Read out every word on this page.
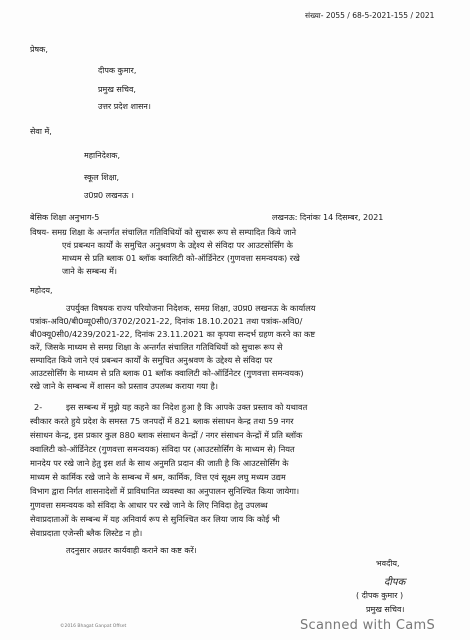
संख्या- 2055 / 68-5-2021-155 / 2021
प्रेषक,
दीपक कुमार,
प्रमुख सचिव,
उत्तर प्रदेश शासन।
सेवा में,
महानिदेशक,
स्कूल शिक्षा,
उ0प्र0 लखनऊ ।
बेसिक शिक्षा अनुभाग-5	लखनऊ: दिनांकः 14 दिसम्बर, 2021
विषय- समग्र शिक्षा के अन्तर्गत संचालित गतिविधियों को सुचारू रूप से सम्पादित किये जाने
एवं प्रबन्धन कार्यों के समुचित अनुश्रवण के उद्देश्य से संविदा पर आउटसोर्सिंग के
माध्यम से प्रति ब्लाक 01 ब्लॉक क्वालिटी को-ऑर्डिनेटर (गुणवत्ता समन्वयक) रखे
जाने के सम्बन्ध में।
महोदय,
उपर्युक्त विषयक राज्य परियोजना निदेशक, समग्र शिक्षा, उ0प्र0 लखनऊ के कार्यालय
पत्रांक-अवि0/बी0व्यू0सी0/3702/2021-22, दिनांक 18.10.2021 तथा पत्रांक-अवि0/
बी0क्यू0सी0/4239/2021-22, दिनांक 23.11.2021 का कृपया सन्दर्भ ग्रहण करने का कष्ट
करें, जिसके माध्यम से समग्र शिक्षा के अन्तर्गत संचालित गतिविधियों को सुचारू रूप से
सम्पादित किये जाने एवं प्रबन्धन कार्यों के समुचित अनुश्रवण के उद्देश्य से संविदा पर
आउटसोर्सिंग के माध्यम से प्रति ब्लाक 01 ब्लॉक क्वालिटी को-ऑर्डिनेटर (गुणवत्ता समन्वयक)
रखे जाने के सम्बन्ध में शासन को प्रस्ताव उपलब्ध कराया गया है।
2-	इस सम्बन्ध में मुझे यह कहने का निदेश हुआ है कि आपके उक्त प्रस्ताव को यथावत
स्वीकार करते हुये प्रदेश के समस्त 75 जनपदों में 821 ब्लाक संसाधन केन्द्र तथा 59 नगर
संसाधन केन्द्र, इस प्रकार कुल 880 ब्लाक संसाधन केन्द्रों / नगर संसाधन केन्द्रों में प्रति ब्लॉक
क्वालिटी को-ऑर्डिनेटर (गुणवत्ता समन्वयक) संविदा पर (आउटसोर्सिंग के माध्यम से) नियत
मानदेय पर रखे जाने हेतु इस शर्त के साथ अनुमति प्रदान की जाती है कि आउटसोर्सिंग के
माध्यम से कार्मिक रखे जाने के सम्बन्ध में श्रम, कार्मिक, वित्त एवं सूक्ष्म लघु मध्यम उद्यम
विभाग द्वारा निर्गत शासनादेशों में प्राविधानित व्यवस्था का अनुपालन सुनिश्चित किया जायेगा।
गुणवत्ता समन्वयक को संविदा के आधार पर रखे जाने के लिए निविदा हेतु उपलब्ध
सेवाप्रदाताओं के सम्बन्ध में यह अनिवार्य रूप से सुनिश्चित कर लिया जाय कि कोई भी
सेवाप्रदाता एजेन्सी ब्लैक लिस्टेड न हो।
तदनुसार अग्रतर कार्यवाही कराने का कष्ट करें।
भवदीय,
दीपक
( दीपक कुमार )
प्रमुख सचिव।
©2016 Bhagat Ganpat Offset	Scanned with CamS
